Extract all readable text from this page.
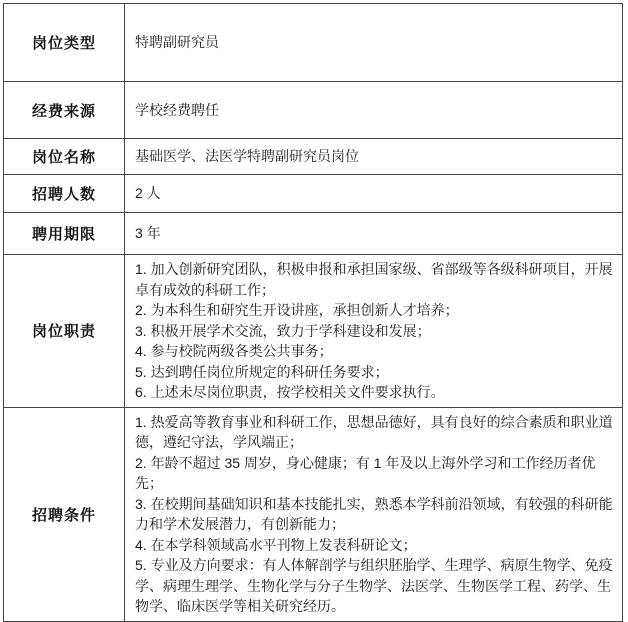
岗位类型	特聘副研究员

经费来源	学校经费聘任

岗位名称	基础医学、法医学特聘副研究员岗位

招聘人数	2 人

聘用期限	3 年

岗位职责	
1. 加入创新研究团队，积极申报和承担国家级、省部级等各级科研项目，开展卓有成效的科研工作；
2. 为本科生和研究生开设讲座，承担创新人才培养；
3. 积极开展学术交流，致力于学科建设和发展；
4. 参与校院两级各类公共事务；
5. 达到聘任岗位所规定的科研任务要求；
6. 上述未尽岗位职责，按学校相关文件要求执行。

招聘条件	1. 热爱高等教育事业和科研工作，思想品德好，具有良好的综合素质和职业道德，遵纪守法，学风端正；
2. 年龄不超过 35 周岁，身心健康；有 1 年及以上海外学习和工作经历者优先；
3. 在校期间基础知识和基本技能扎实，熟悉本学科前沿领域，有较强的科研能力和学术发展潜力，有创新能力；
4. 在本学科领域高水平刊物上发表科研论文；
5. 专业及方向要求：有人体解剖学与组织胚胎学、生理学、病原生物学、免疫学、病理生理学、生物化学与分子生物学、法医学、生物医学工程、药学、生物学、临床医学等相关研究经历。
